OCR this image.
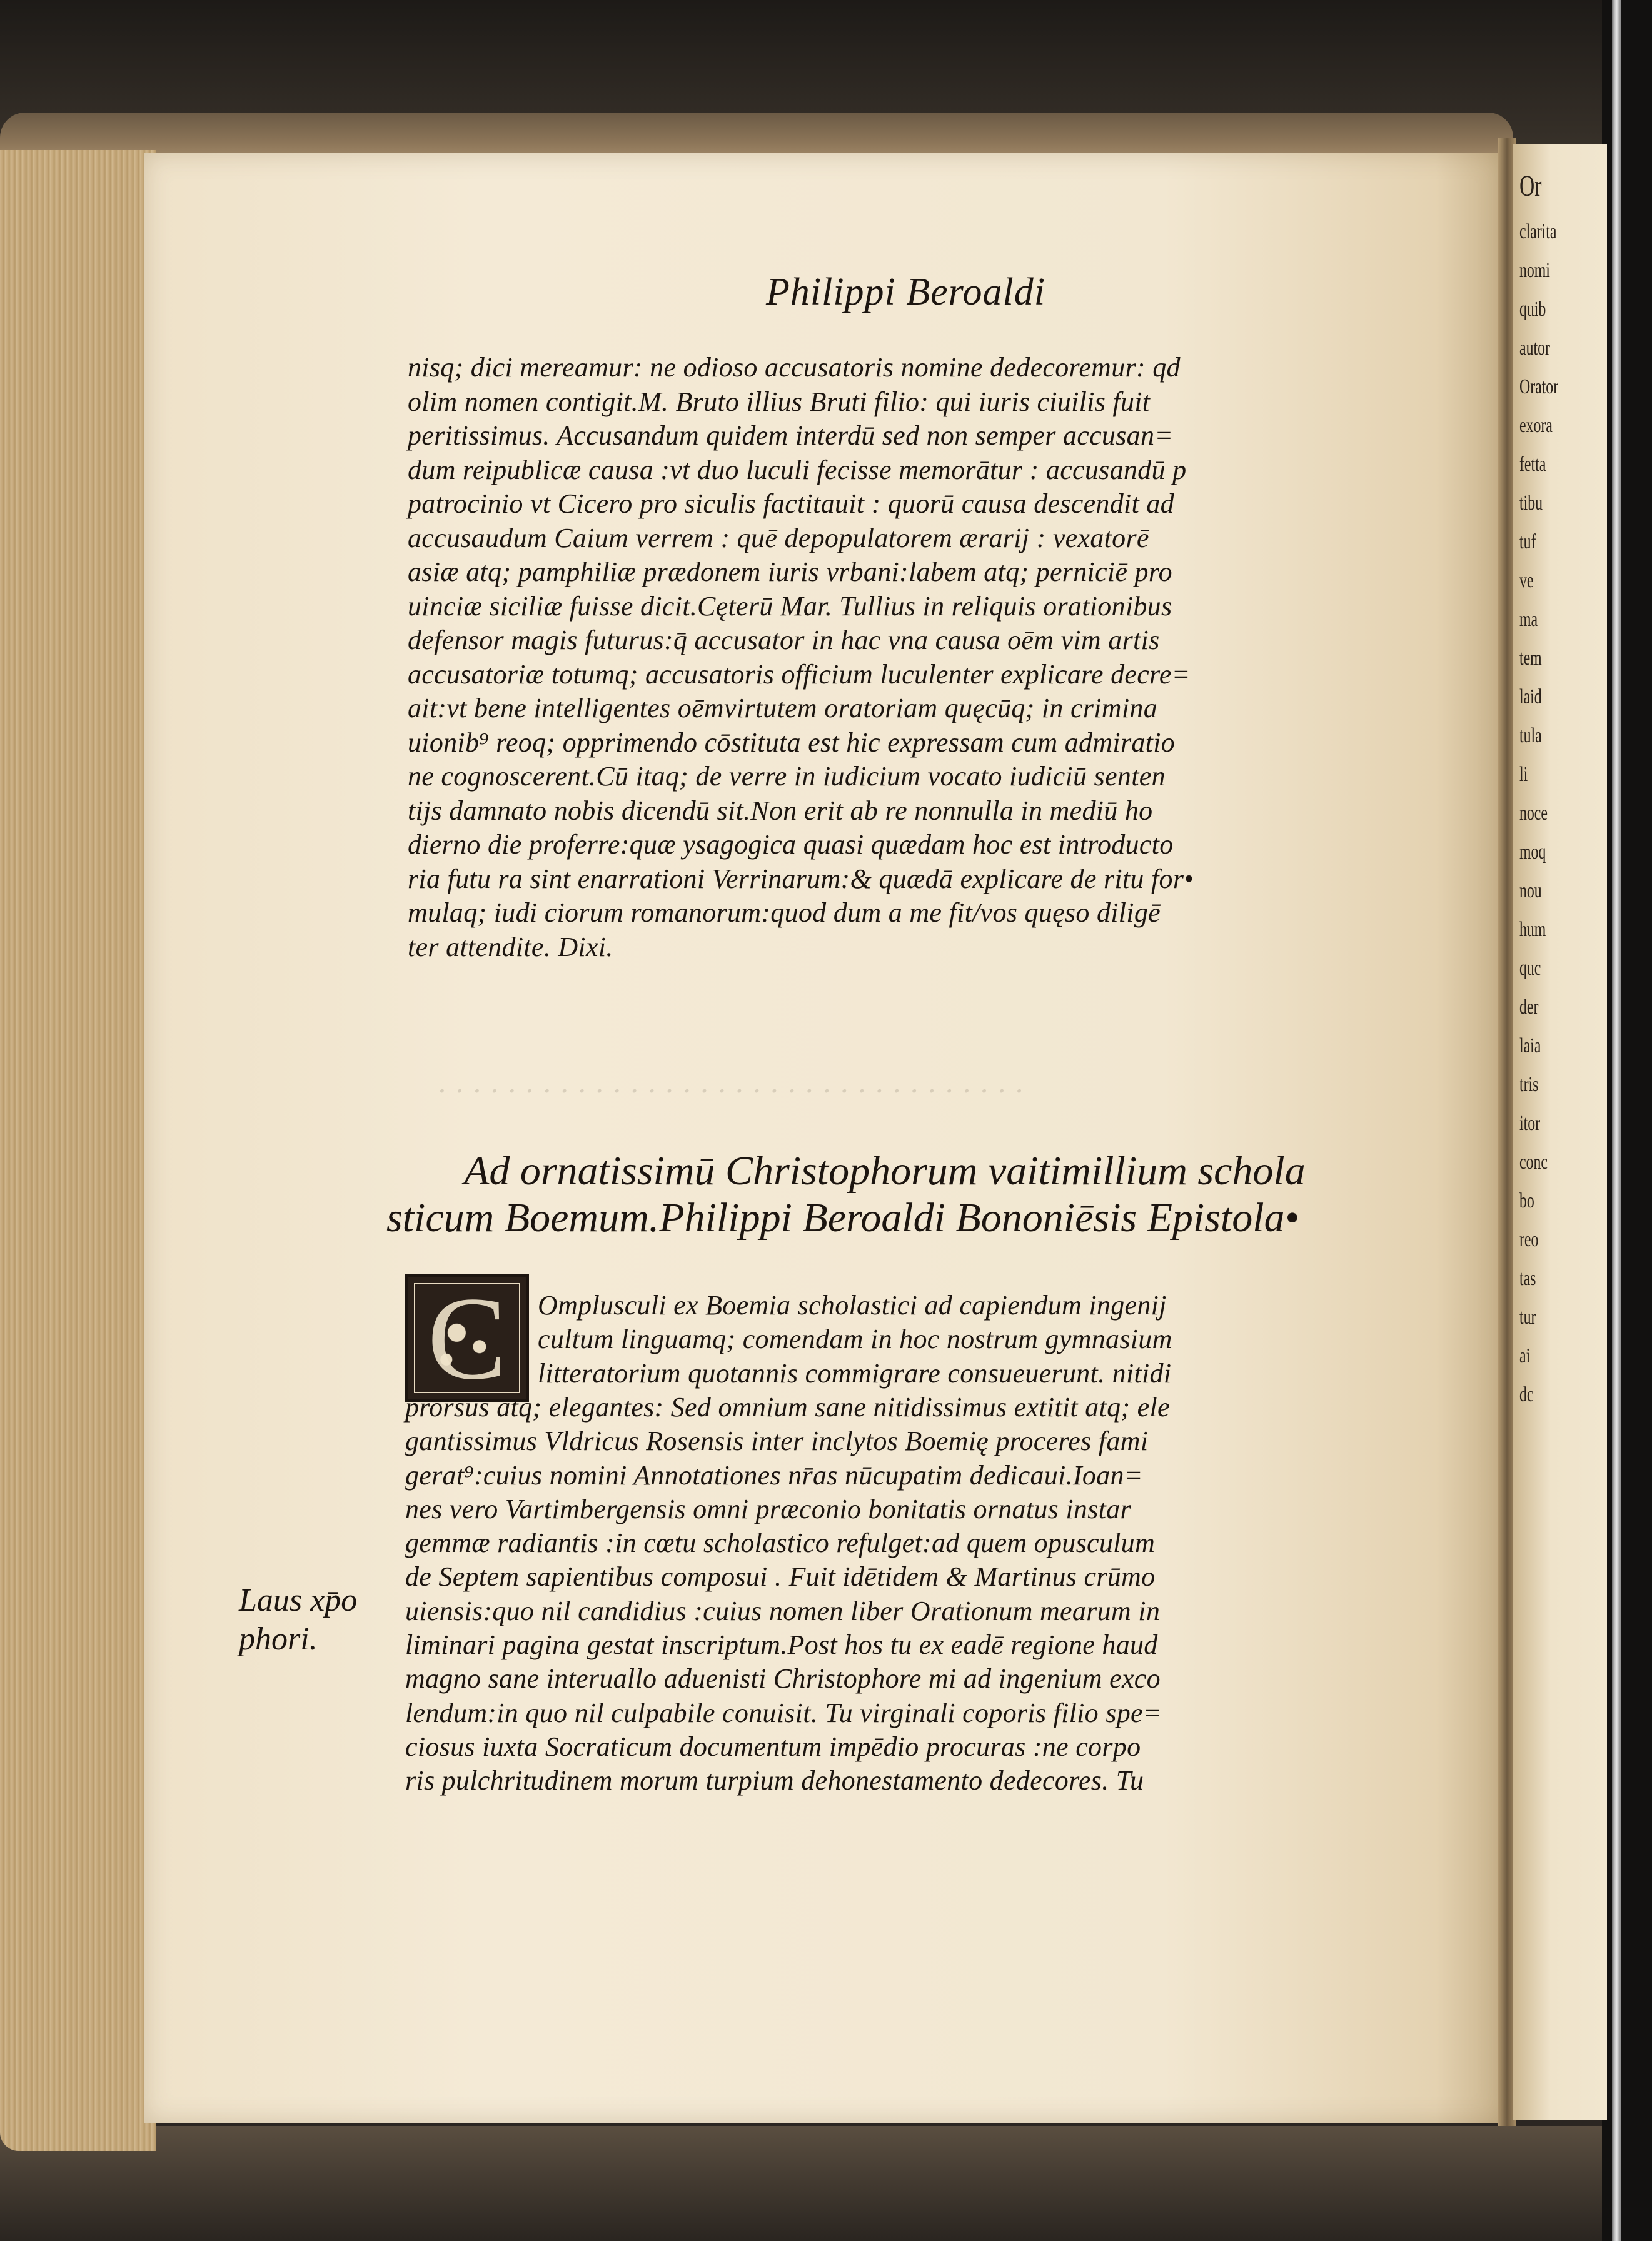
Or
clarita
nomi
quib
autor
Orator
exora
fetta
tibu
tuf
ve
ma
tem
laid
tula
li
noce
moq
nou
hum
quc
der
laia
tris
itor
conc
bo
reo
tas
tur
ai
dc
· · · · · · · · · · · · · · · · · · · · · · · · · · · · · · · · · ·
Philippi Beroaldi
nisq; dici mereamur: ne odioso accusatoris nomine dedecoremur: qd
olim nomen contigit.M. Bruto illius Bruti filio: qui iuris ciuilis fuit
peritissimus. Accusandum quidem interdū sed non semper accusan=
dum reipublicæ causa :vt duo luculi fecisse memorātur : accusandū p
patrocinio vt Cicero pro siculis factitauit : quorū causa descendit ad
accusaudum Caium verrem : quē depopulatorem ærarij : vexatorē
asiæ atq; pamphiliæ prædonem iuris vrbani:labem atq; perniciē pro
uinciæ siciliæ fuisse dicit.Cęterū Mar. Tullius in reliquis orationibus
defensor magis futurus:q̄ accusator in hac vna causa oēm vim artis
accusatoriæ totumq; accusatoris officium luculenter explicare decre=
ait:vt bene intelligentes oēmvirtutem oratoriam quęcūq; in crimina
uionib⁹ reoq; opprimendo cōstituta est hic expressam cum admiratio
ne cognoscerent.Cū itaq; de verre in iudicium vocato iudiciū senten
tijs damnato nobis dicendū sit.Non erit ab re nonnulla in mediū ho
dierno die proferre:quæ ysagogica quasi quædam hoc est introducto
ria futu ra sint enarrationi Verrinarum:& quædā explicare de ritu for•
mulaq; iudi ciorum romanorum:quod dum a me fit/vos quęso diligē
ter attendite. Dixi.
Ad ornatissimū Christophorum vaitimillium schola
sticum Boemum.Philippi Beroaldi Bononiēsis Epistola•
C	Omplusculi ex Boemia scholastici ad capiendum ingenij
cultum linguamq; comendam in hoc nostrum gymnasium
litteratorium quotannis commigrare consueuerunt. nitidi
prorsus atq; elegantes: Sed omnium sane nitidissimus extitit atq; ele
gantissimus Vldricus Rosensis inter inclytos Boemię proceres fami
gerat⁹:cuius nomini Annotationes nr̄as nūcupatim dedicaui.Ioan=
nes vero Vartimbergensis omni præconio bonitatis ornatus instar
gemmæ radiantis :in cœtu scholastico refulget:ad quem opusculum
de Septem sapientibus composui . Fuit idētidem & Martinus crūmo
uiensis:quo nil candidius :cuius nomen liber Orationum mearum in
liminari pagina gestat inscriptum.Post hos tu ex eadē regione haud
magno sane interuallo aduenisti Christophore mi ad ingenium exco
lendum:in quo nil culpabile conuisit. Tu virginali coporis filio spe=
ciosus iuxta Socraticum documentum impēdio procuras :ne corpo
ris pulchritudinem morum turpium dehonestamento dedecores. Tu
Laus xp̄o
phori.
